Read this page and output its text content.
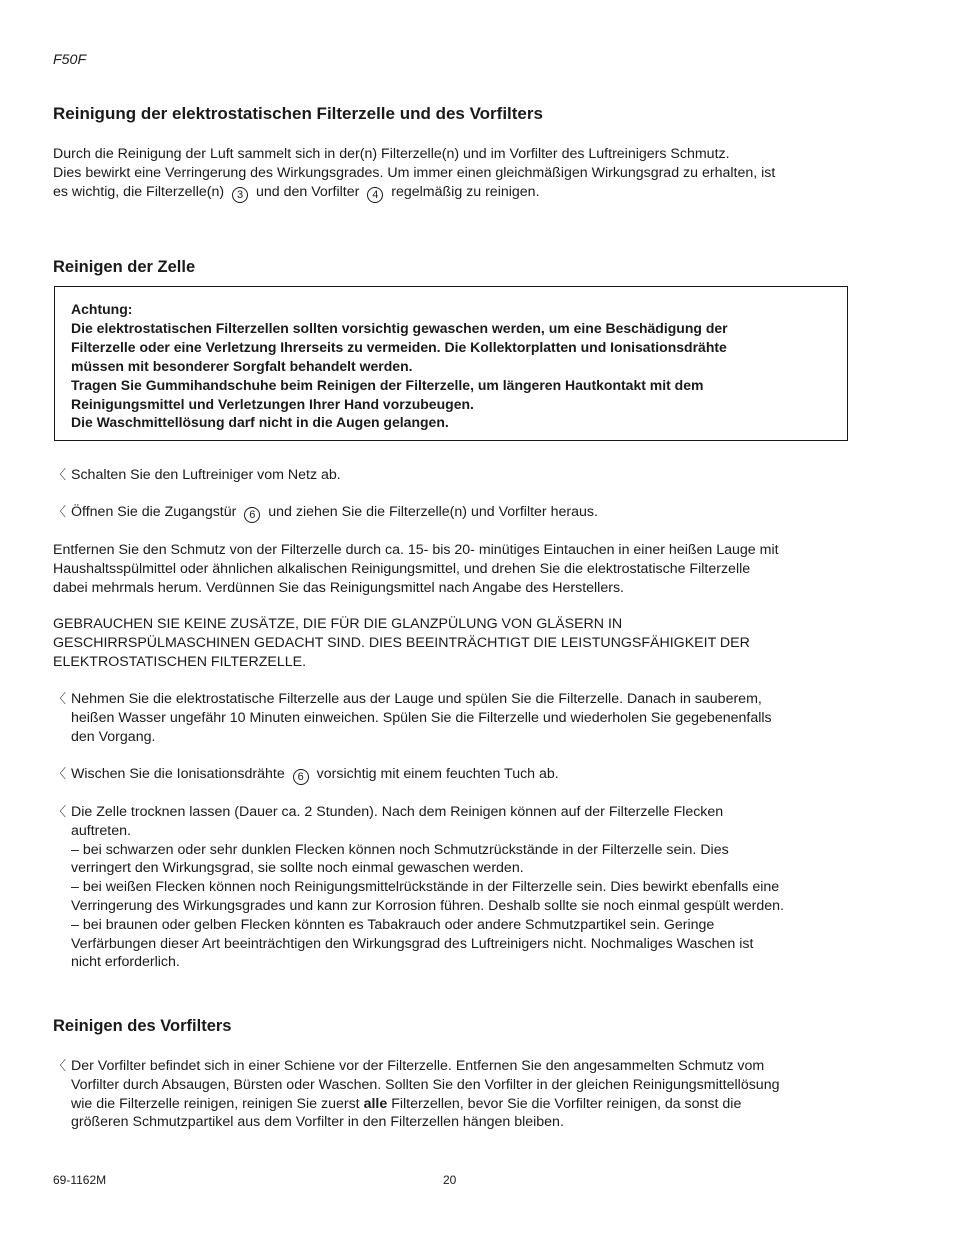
F50F
Reinigung der elektrostatischen Filterzelle und des Vorfilters
Durch die Reinigung der Luft sammelt sich in der(n) Filterzelle(n) und im Vorfilter des Luftreinigers Schmutz.
Dies bewirkt eine Verringerung des Wirkungsgrades. Um immer einen gleichmäßigen Wirkungsgrad zu erhalten, ist
es wichtig, die Filterzelle(n) 3 und den Vorfilter 4 regelmäßig zu reinigen.
Reinigen der Zelle
Achtung:
Die elektrostatischen Filterzellen sollten vorsichtig gewaschen werden, um eine Beschädigung der
Filterzelle oder eine Verletzung Ihrerseits zu vermeiden. Die Kollektorplatten und Ionisationsdrähte
müssen mit besonderer Sorgfalt behandelt werden.
Tragen Sie Gummihandschuhe beim Reinigen der Filterzelle, um längeren Hautkontakt mit dem
Reinigungsmittel und Verletzungen Ihrer Hand vorzubeugen.
Die Waschmittellösung darf nicht in die Augen gelangen.
〈 Schalten Sie den Luftreiniger vom Netz ab.
〈 Öffnen Sie die Zugangstür 6 und ziehen Sie die Filterzelle(n) und Vorfilter heraus.
Entfernen Sie den Schmutz von der Filterzelle durch ca. 15- bis 20- minütiges Eintauchen in einer heißen Lauge mit
Haushaltsspülmittel oder ähnlichen alkalischen Reinigungsmittel, und drehen Sie die elektrostatische Filterzelle
dabei mehrmals herum. Verdünnen Sie das Reinigungsmittel nach Angabe des Herstellers.
GEBRAUCHEN SIE KEINE ZUSÄTZE, DIE FÜR DIE GLANZPÜLUNG VON GLÄSERN IN
GESCHIRRSPÜLMASCHINEN GEDACHT SIND. DIES BEEINTRÄCHTIGT DIE LEISTUNGSFÄHIGKEIT DER
ELEKTROSTATISCHEN FILTERZELLE.
〈 Nehmen Sie die elektrostatische Filterzelle aus der Lauge und spülen Sie die Filterzelle. Danach in sauberem,
heißen Wasser ungefähr 10 Minuten einweichen. Spülen Sie die Filterzelle und wiederholen Sie gegebenenfalls
den Vorgang.
〈 Wischen Sie die Ionisationsdrähte 6 vorsichtig mit einem feuchten Tuch ab.
〈 Die Zelle trocknen lassen (Dauer ca. 2 Stunden). Nach dem Reinigen können auf der Filterzelle Flecken
auftreten.
– bei schwarzen oder sehr dunklen Flecken können noch Schmutzrückstände in der Filterzelle sein. Dies
verringert den Wirkungsgrad, sie sollte noch einmal gewaschen werden.
– bei weißen Flecken können noch Reinigungsmittelrückstände in der Filterzelle sein. Dies bewirkt ebenfalls eine
Verringerung des Wirkungsgrades und kann zur Korrosion führen. Deshalb sollte sie noch einmal gespült werden.
– bei braunen oder gelben Flecken könnten es Tabakrauch oder andere Schmutzpartikel sein. Geringe
Verfärbungen dieser Art beeinträchtigen den Wirkungsgrad des Luftreinigers nicht. Nochmaliges Waschen ist
nicht erforderlich.
Reinigen des Vorfilters
〈 Der Vorfilter befindet sich in einer Schiene vor der Filterzelle. Entfernen Sie den angesammelten Schmutz vom
Vorfilter durch Absaugen, Bürsten oder Waschen. Sollten Sie den Vorfilter in der gleichen Reinigungsmittellösung
wie die Filterzelle reinigen, reinigen Sie zuerst alle Filterzellen, bevor Sie die Vorfilter reinigen, da sonst die
größeren Schmutzpartikel aus dem Vorfilter in den Filterzellen hängen bleiben.
69-1162M	20
